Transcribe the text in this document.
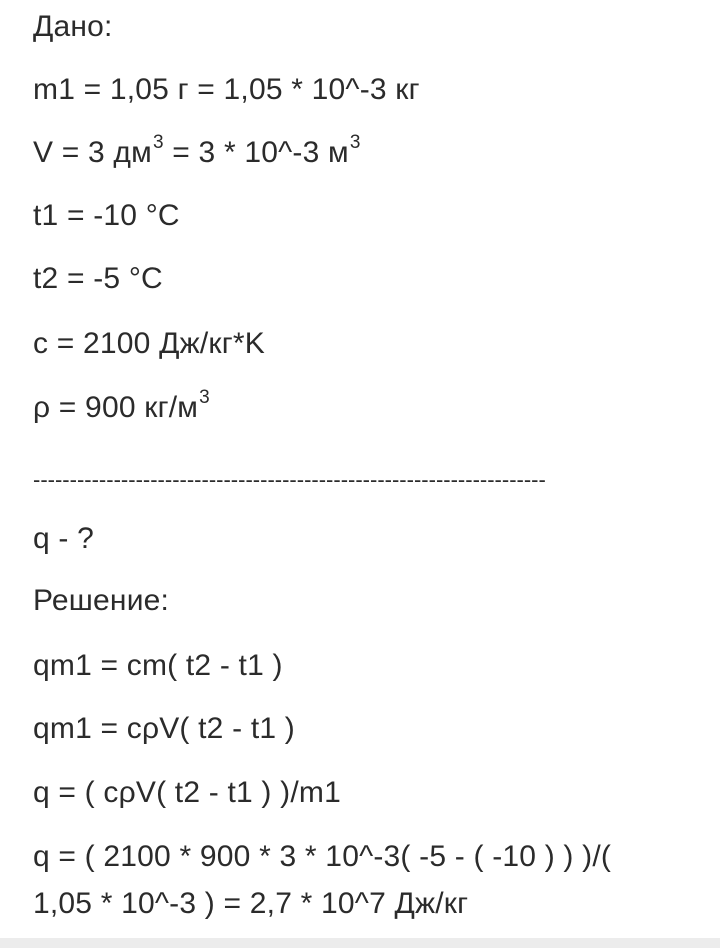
Дано:
m1 = 1,05 г = 1,05 * 10^-3 кг
V = 3 $дм^3 = 3$ * 10^-3 $м^3$
t1 = -10 °C
t2 = -5 °C
c = 2100 Дж/кг*K
ρ = 900 $кг/м^3$
----------------------------------------------------------------------
q - ?
Решение:
qm1 = cm( t2 - t1 )
qm1 = cρV( t2 - t1 )
q = ( cρV( t2 - t1 ) )/m1
q = ( 2100 * 900 * 3 * 10^-3( -5 - ( -10 ) ) )/(
1,05 * 10^-3 ) = 2,7 * 10^7 Дж/кг
